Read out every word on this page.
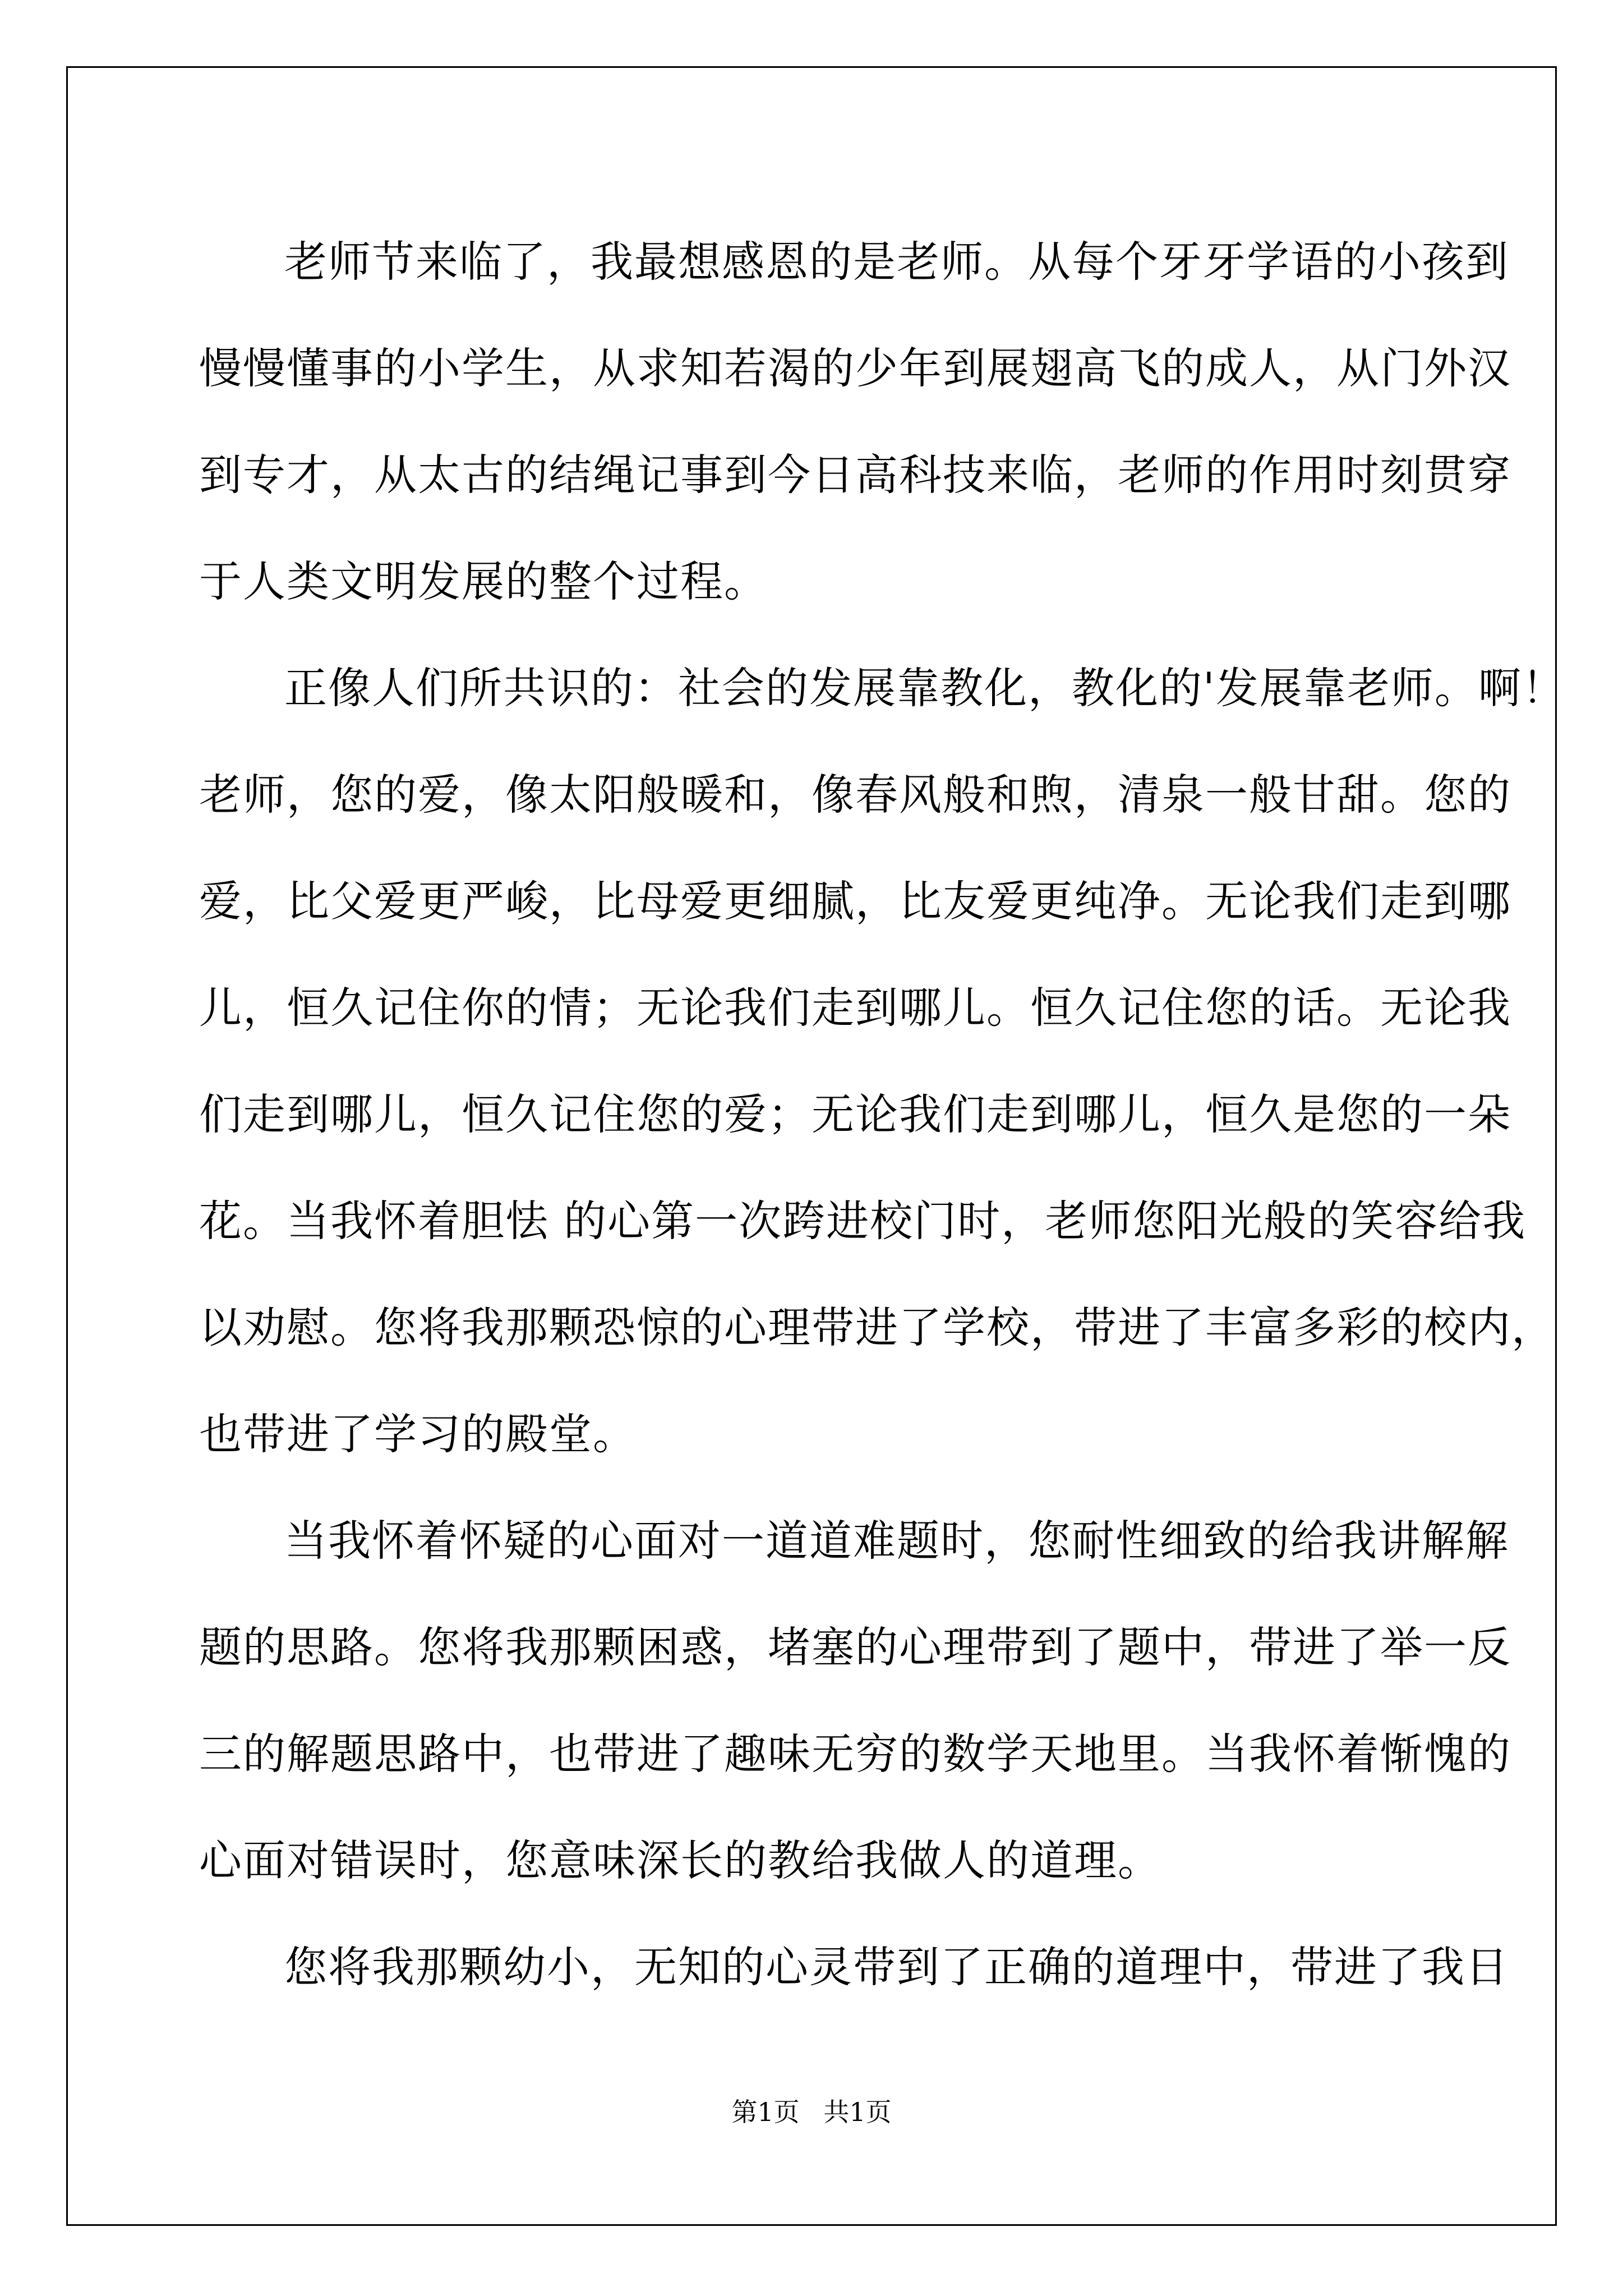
老师节来临了，我最想感恩的是老师。从每个牙牙学语的小孩到
慢慢懂事的小学生，从求知若渴的少年到展翅高飞的成人，从门外汉
到专才，从太古的结绳记事到今日高科技来临，老师的作用时刻贯穿
于人类文明发展的整个过程。

正像人们所共识的：社会的发展靠教化，教化的'发展靠老师。啊！
老师，您的爱，像太阳般暖和，像春风般和煦，清泉一般甘甜。您的
爱，比父爱更严峻，比母爱更细腻，比友爱更纯净。无论我们走到哪
儿，恒久记住你的情；无论我们走到哪儿。恒久记住您的话。无论我
们走到哪儿，恒久记住您的爱；无论我们走到哪儿，恒久是您的一朵
花。当我怀着胆怯 的心第一次跨进校门时，老师您阳光般的笑容给我
以劝慰。您将我那颗恐惊的心理带进了学校，带进了丰富多彩的校内，
也带进了学习的殿堂。

当我怀着怀疑的心面对一道道难题时，您耐性细致的给我讲解解
题的思路。您将我那颗困惑，堵塞的心理带到了题中，带进了举一反
三的解题思路中，也带进了趣味无穷的数学天地里。当我怀着惭愧的
心面对错误时，您意味深长的教给我做人的道理。

您将我那颗幼小，无知的心灵带到了正确的道理中，带进了我日

第1页 共1页
